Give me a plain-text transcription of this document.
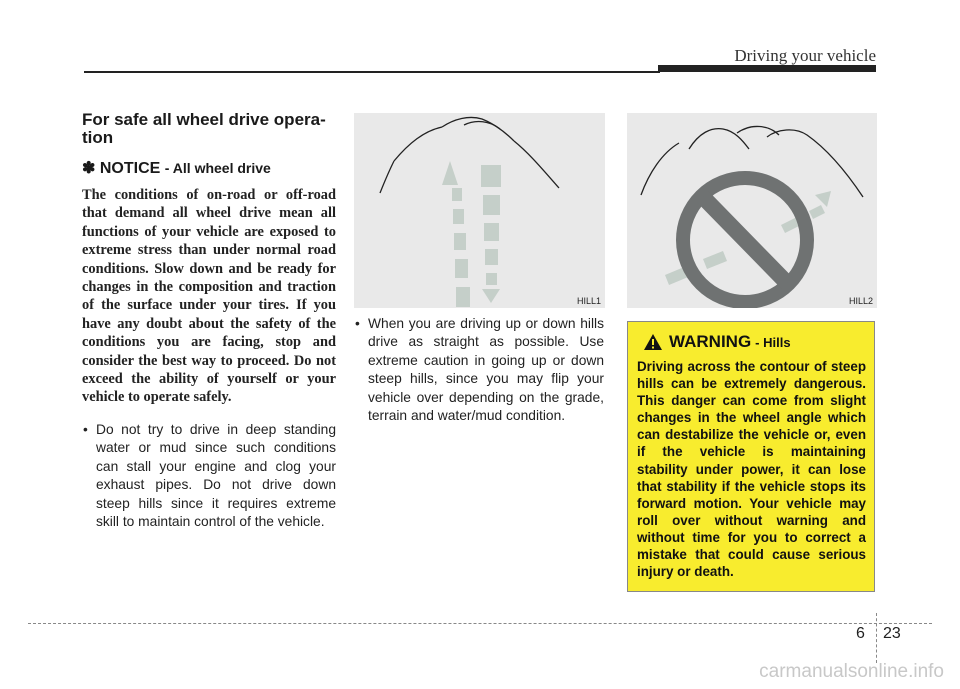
Driving your vehicle
For safe all wheel drive opera-
tion
✽ NOTICE - All wheel drive
The conditions of on-road or off-road that demand all wheel drive mean all functions of your vehicle are exposed to extreme stress than under normal road conditions. Slow down and be ready for changes in the composition and traction of the surface under your tires. If you have any doubt about the safety of the conditions you are facing, stop and consider the best way to proceed. Do not exceed the ability of yourself or your vehicle to operate safely.
• Do not try to drive in deep standing water or mud since such conditions can stall your engine and clog your exhaust pipes. Do not drive down steep hills since it requires extreme skill to maintain control of the vehicle.
HILL1	HILL2
• When you are driving up or down hills drive as straight as possible. Use extreme caution in going up or down steep hills, since you may flip your vehicle over depending on the grade, terrain and water/mud condition.
WARNING - Hills
Driving across the contour of steep hills can be extremely dangerous. This danger can come from slight changes in the wheel angle which can destabilize the vehicle or, even if the vehicle is maintaining stability under power, it can lose that stability if the vehicle stops its forward motion. Your vehicle may roll over without warning and without time for you to correct a mistake that could cause serious injury or death.
6 23
carmanualsonline.info
